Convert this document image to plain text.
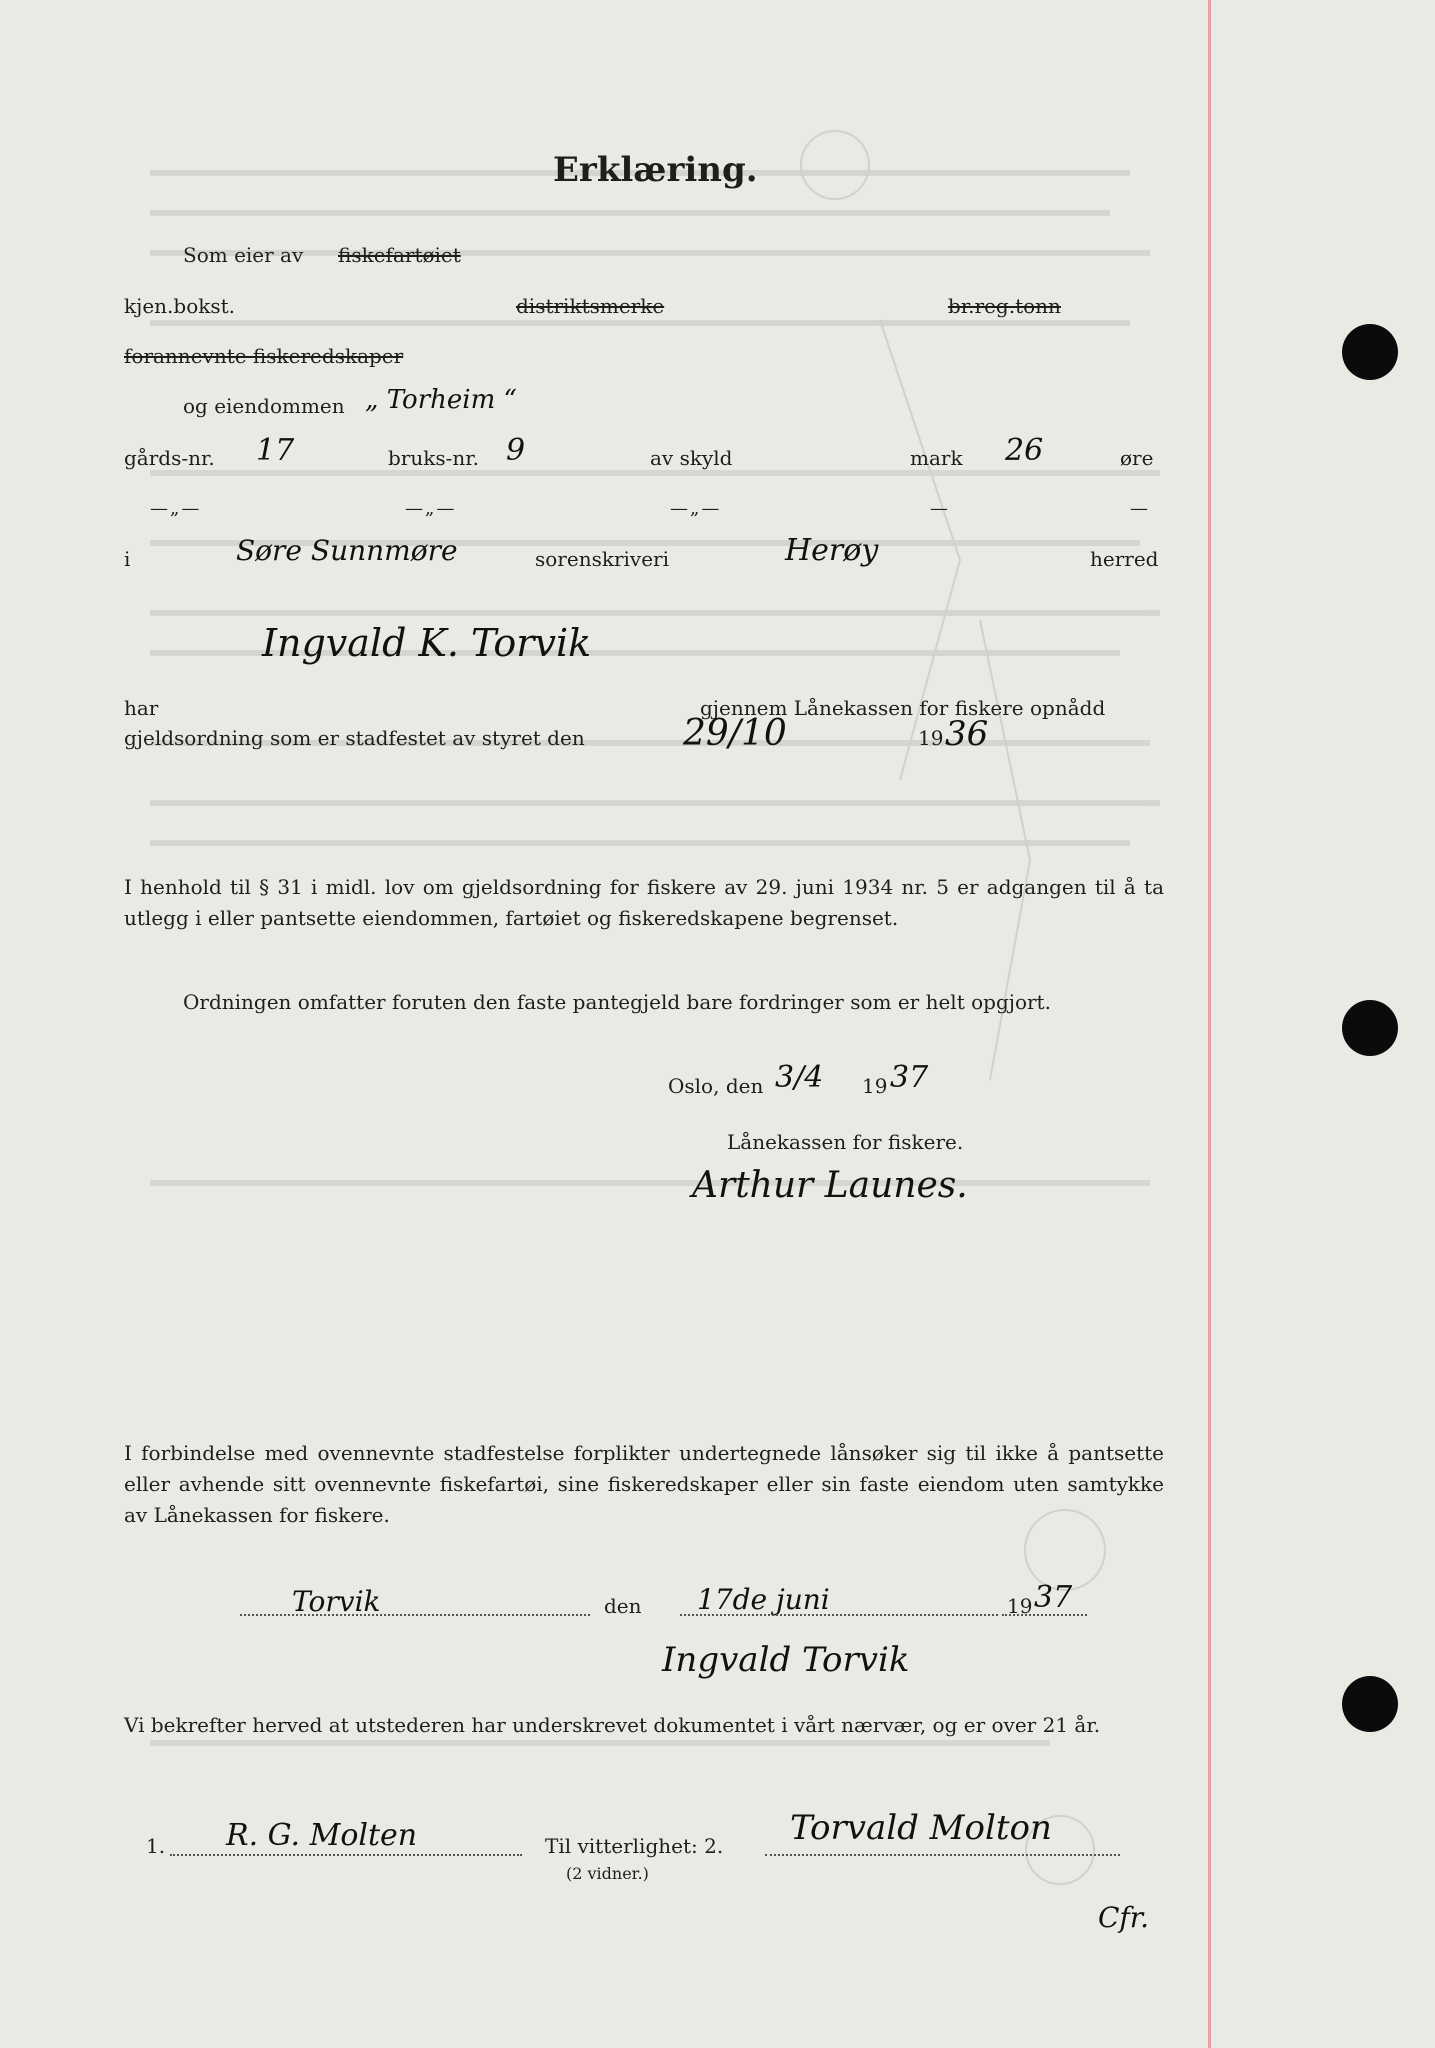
Erklæring.
Som eier av fiskefartøiet
kjen.bokst.	distriktsmerke	br.reg.tonn
forannevnte fiskeredskaper
og eiendommen „ Torheim “
gårds-nr. 17	bruks-nr. 9	av skyld	mark 26	øre
—„—	—„—	—„—	—	—
i	Søre Sunnmøre	sorenskriveri	Herøy	herred
Ingvald K. Torvik
har	gjennem Lånekassen for fiskere opnådd
gjeldsordning som er stadfestet av styret den	29/10	19 36
I henhold til § 31 i midl. lov om gjeldsordning for fiskere av 29. juni 1934 nr. 5 er adgangen til å ta utlegg i eller pantsette eiendommen, fartøiet og fiskeredskapene begrenset.
Ordningen omfatter foruten den faste pantegjeld bare fordringer som er helt opgjort.
Oslo, den 3/4 19 37
Lånekassen for fiskere.
Arthur Launes.
I forbindelse med ovennevnte stadfestelse forplikter undertegnede lånsøker sig til ikke å pantsette eller avhende sitt ovennevnte fiskefartøi, sine fiskeredskaper eller sin faste eiendom uten samtykke av Lånekassen for fiskere.
Torvik	den 17de juni	19 37
Ingvald Torvik
Vi bekrefter herved at utstederen har underskrevet dokumentet i vårt nærvær, og er over 21 år.
1. R. G. Molten	Til vitterlighet: 2. Torvald Molton
(2 vidner.)
Cfr.
